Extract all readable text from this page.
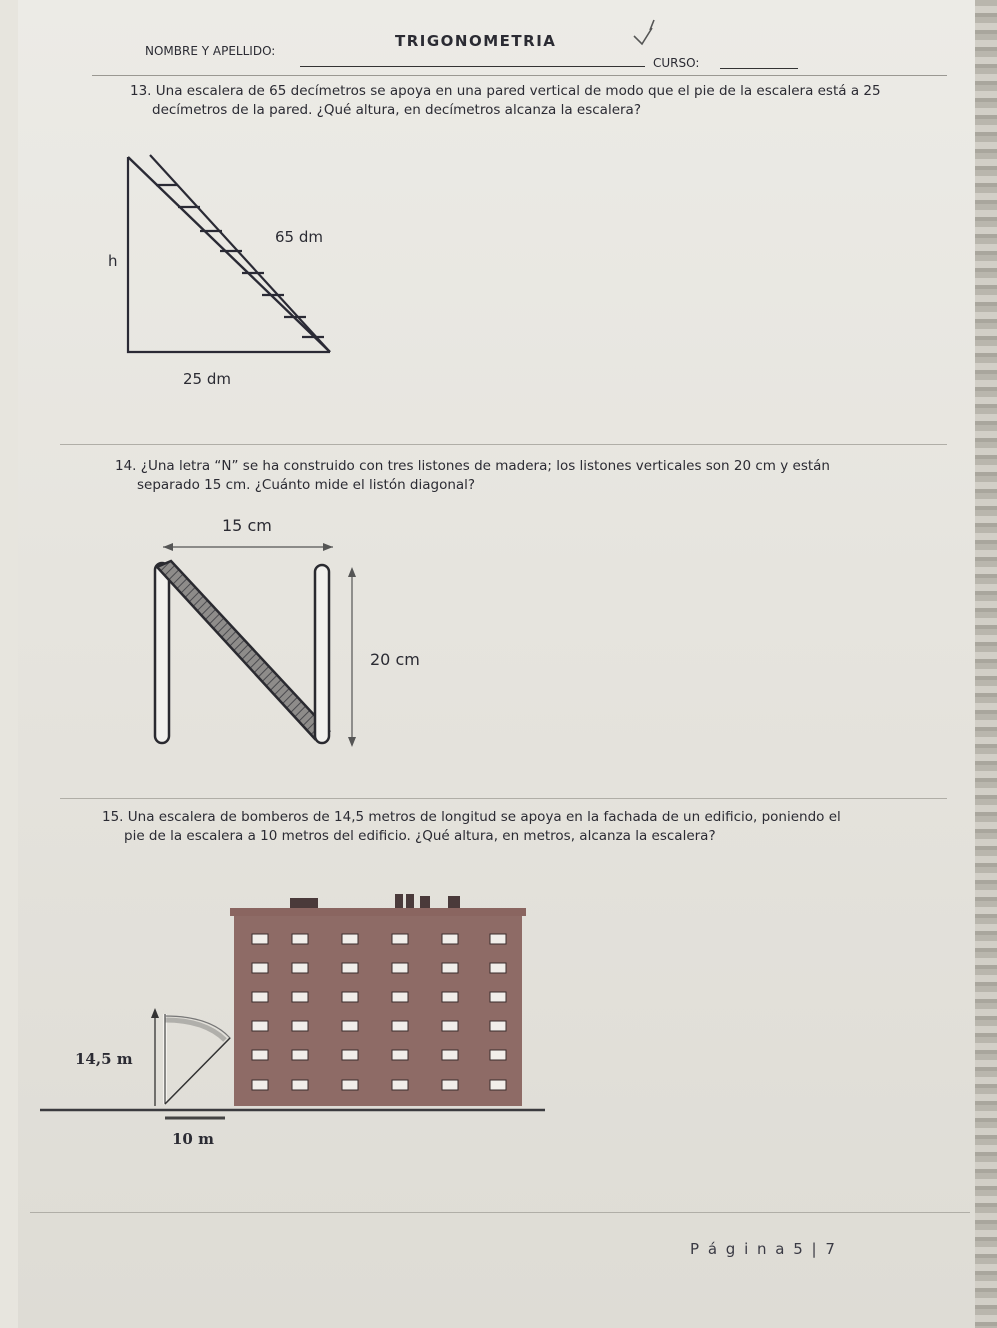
TRIGONOMETRIA
NOMBRE Y APELLIDO:
CURSO:
13. Una escalera de 65 decímetros se apoya en una pared vertical de modo que el pie de la escalera está a 25
decímetros de la pared. ¿Qué altura, en decímetros alcanza la escalera?
65 dm
h
25 dm
14. ¿Una letra “N” se ha construido con tres listones de madera; los listones verticales son 20 cm y están
separado 15 cm. ¿Cuánto mide el listón diagonal?
15 cm
20 cm
15. Una escalera de bomberos de 14,5 metros de longitud se apoya en la fachada de un edificio, poniendo el
pie de la escalera a 10 metros del edificio. ¿Qué altura, en metros, alcanza la escalera?
14,5 m
10 m
P á g i n a 5 | 7
